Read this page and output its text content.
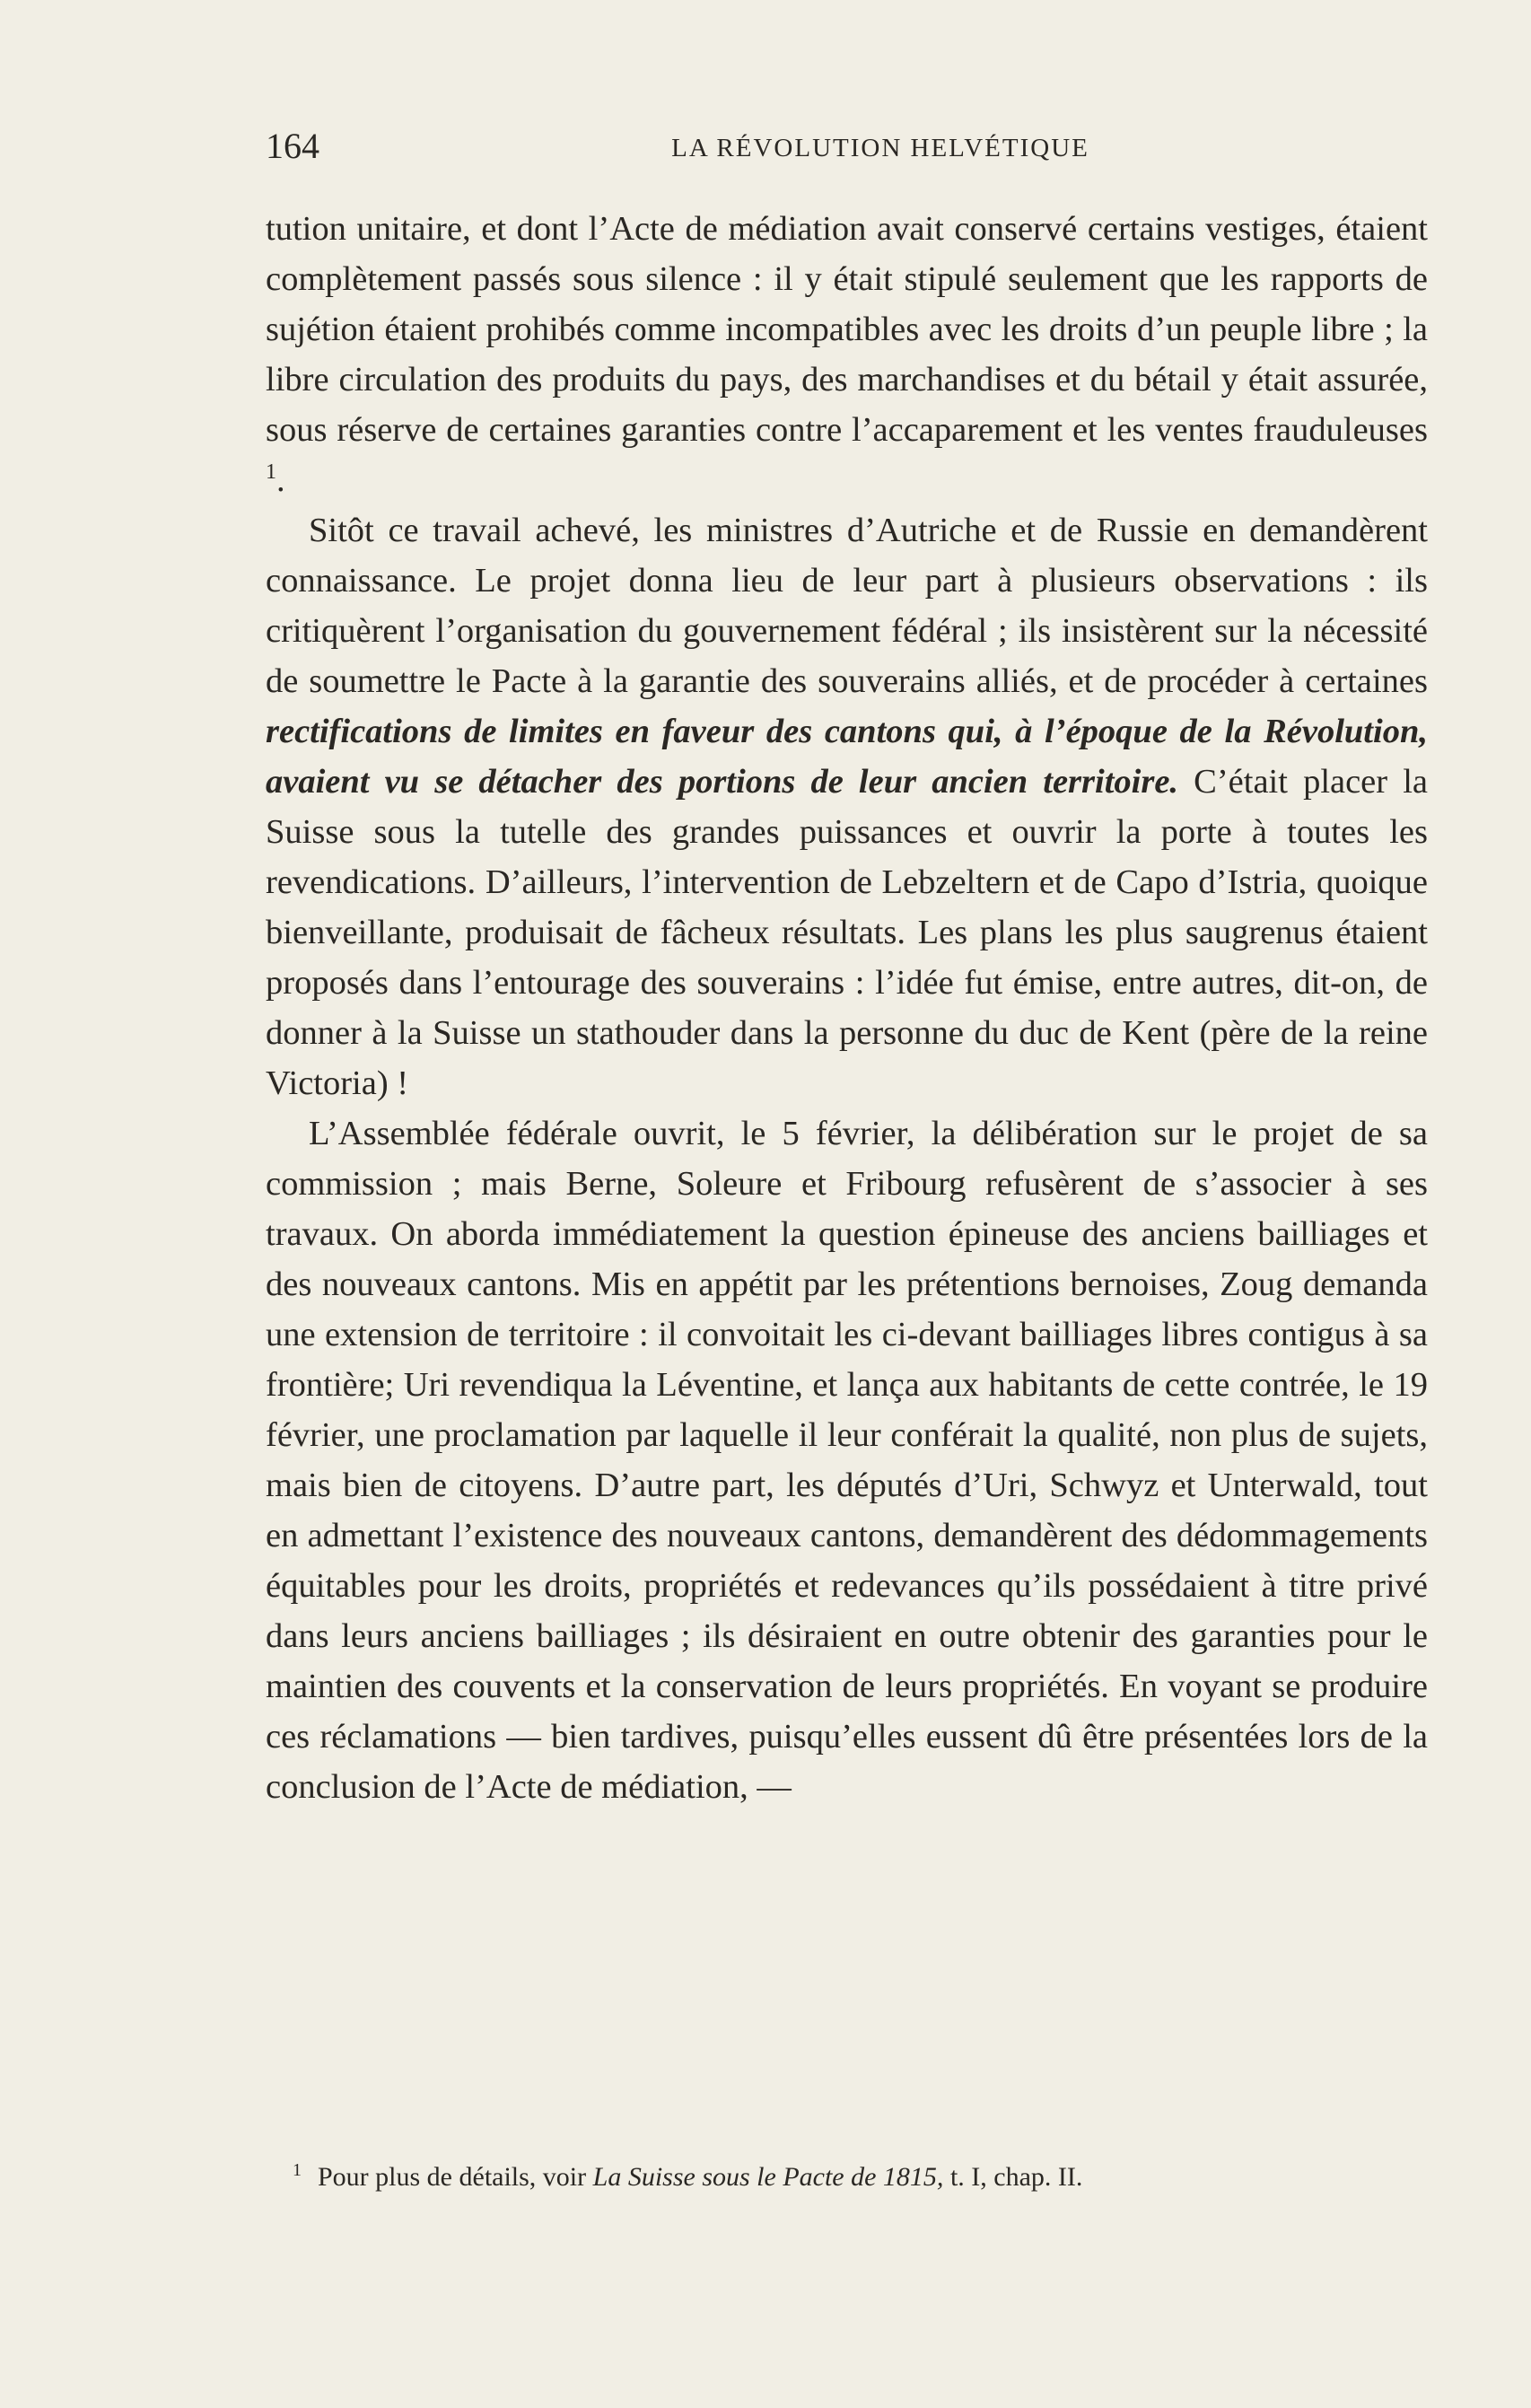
164	LA RÉVOLUTION HELVÉTIQUE

tution unitaire, et dont l’Acte de médiation avait conservé certains vestiges, étaient complètement passés sous silence : il y était stipulé seulement que les rapports de sujétion étaient prohibés comme incompatibles avec les droits d’un peuple libre ; la libre circulation des produits du pays, des marchandises et du bétail y était assurée, sous réserve de certaines garanties contre l’accaparement et les ventes frauduleuses $^1$.

Sitôt ce travail achevé, les ministres d’Autriche et de Russie en demandèrent connaissance. Le projet donna lieu de leur part à plusieurs observations : ils critiquèrent l’organisation du gouvernement fédéral ; ils insistèrent sur la nécessité de soumettre le Pacte à la garantie des souverains alliés, et de procéder à certaines rectifications de limites en faveur des cantons qui, à l’époque de la Révolution, avaient vu se détacher des portions de leur ancien territoire. C’était placer la Suisse sous la tutelle des grandes puissances et ouvrir la porte à toutes les revendications. D’ailleurs, l’intervention de Lebzeltern et de Capo d’Istria, quoique bienveillante, produisait de fâcheux résultats. Les plans les plus saugrenus étaient proposés dans l’entourage des souverains : l’idée fut émise, entre autres, dit-on, de donner à la Suisse un stathouder dans la personne du duc de Kent (père de la reine Victoria) !

L’Assemblée fédérale ouvrit, le 5 février, la délibération sur le projet de sa commission ; mais Berne, Soleure et Fribourg refusèrent de s’associer à ses travaux. On aborda immédiatement la question épineuse des anciens bailliages et des nouveaux cantons. Mis en appétit par les prétentions bernoises, Zoug demanda une extension de territoire : il convoitait les ci-devant bailliages libres contigus à sa frontière; Uri revendiqua la Léventine, et lança aux habitants de cette contrée, le 19 février, une proclamation par laquelle il leur conférait la qualité, non plus de sujets, mais bien de citoyens. D’autre part, les députés d’Uri, Schwyz et Unterwald, tout en admettant l’existence des nouveaux cantons, demandèrent des dédommagements équitables pour les droits, propriétés et redevances qu’ils possédaient à titre privé dans leurs anciens bailliages ; ils désiraient en outre obtenir des garanties pour le maintien des couvents et la conservation de leurs propriétés. En voyant se produire ces réclamations — bien tardives, puisqu’elles eussent dû être présentées lors de la conclusion de l’Acte de médiation, —

$^1$ Pour plus de détails, voir La Suisse sous le Pacte de 1815, t. I, chap. II.
